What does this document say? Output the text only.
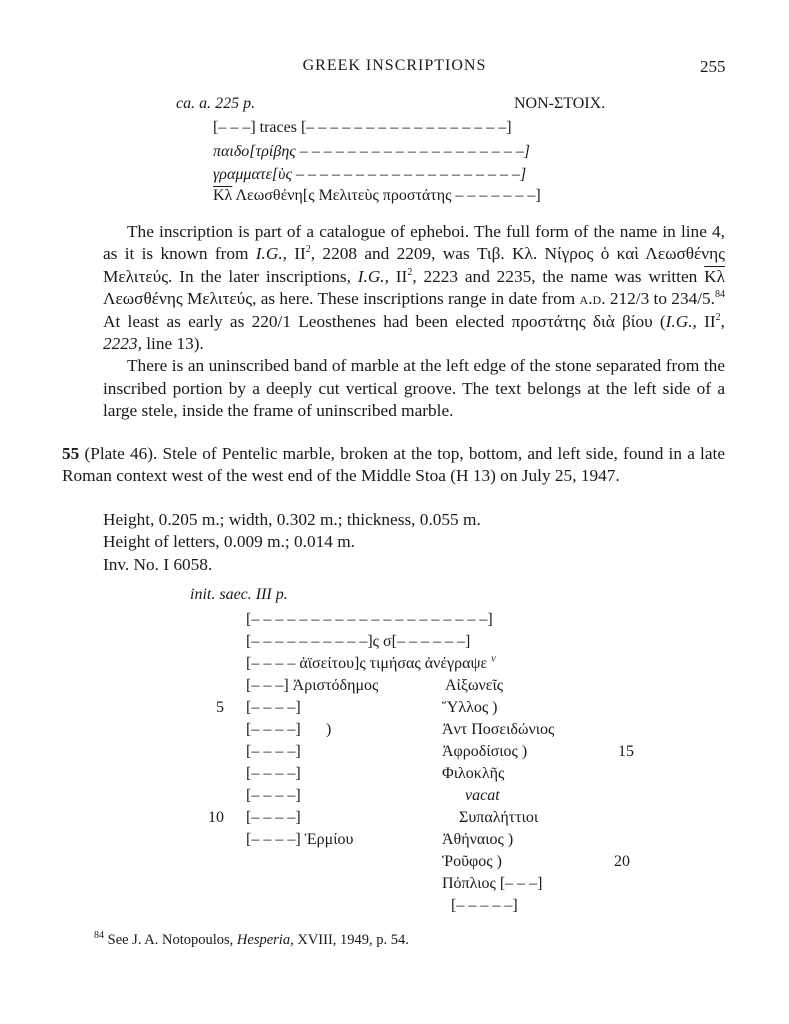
GREEK INSCRIPTIONS	255
ca. a. 225 p.	NON-ΣΤΟΙΧ.
[– – –] traces [– – – – – – – – – – – – – – – – –]
παιδο[τρίβης – – – – – – – – – – – – – – – – – – –]
γραμματε[ὺς – – – – – – – – – – – – – – – – – – –]
$\overline{K\lambda}$ Λεωσθένη[ς Μελιτεὺς προστάτης – – – – – – –]

The inscription is part of a catalogue of epheboi. The full form of the name in line 4, as it is known from I.G., $II^2$, 2208 and 2209, was Τιβ. Κλ. Νίγρος ὁ καὶ Λεωσθένης Μελιτεύς. In the later inscriptions, I.G., $II^2$, 2223 and 2235, the name was written $\overline{K\lambda}$ Λεωσθένης Μελιτεύς, as here. These inscriptions range in date from a.d. 212/3 to 234/5.84 At least as early as 220/1 Leosthenes had been elected προστάτης διὰ βίου (I.G., $II^2$, 2223, line 13).

There is an uninscribed band of marble at the left edge of the stone separated from the inscribed portion by a deeply cut vertical groove. The text belongs at the left side of a large stele, inside the frame of uninscribed marble.

55 (Plate 46). Stele of Pentelic marble, broken at the top, bottom, and left side, found in a late Roman context west of the west end of the Middle Stoa (H 13) on July 25, 1947.

Height, 0.205 m.; width, 0.302 m.; thickness, 0.055 m.
Height of letters, 0.009 m.; 0.014 m.
Inv. No. I 6058.
init. saec. III p.
[– – – – – – – – – – – – – – – – – – – –]
[– – – – – – – – – –]ς σ[– – – – – –]
[– – – – ἀϊσείτου]ς τιμήσας ἀνέγραψε $^v$
[– – –] Ἀριστόδημος
[– – – –]
[– – – –] )
[– – – –]
[– – – –]
[– – – –]
[– – – –]
[– – – –] Ἑρμίου
Αἰξωνεῖς
Ὕλλος )
Ἀντ Ποσειδώνιος
Ἀφροδίσιος )
Φιλοκλῆς
vacat
Συπαλήττιοι
Ἀθήναιος )
Ῥοῦφος )
Πόπλιος [– – –]
[– – – – –]
5
10
15
20
$^{84}$ See J. A. Notopoulos, Hesperia, XVIII, 1949, p. 54.
